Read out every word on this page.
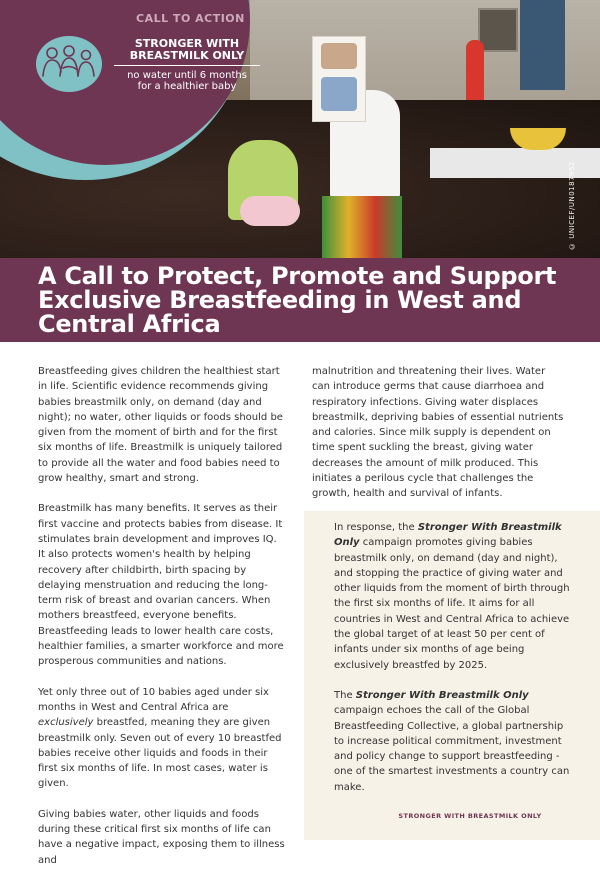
© UNICEF/UN0187952
CALL TO ACTION
STRONGER WITH
BREASTMILK ONLY
no water until 6 months
for a healthier baby
A Call to Protect, Promote and Support
Exclusive Breastfeeding in West and
Central Africa

Breastfeeding gives children the healthiest start in life. Scientific evidence recommends giving babies breastmilk only, on demand (day and night); no water, other liquids or foods should be given from the moment of birth and for the first six months of life. Breastmilk is uniquely tailored to provide all the water and food babies need to grow healthy, smart and strong.

Breastmilk has many benefits. It serves as their first vaccine and protects babies from disease. It stimulates brain development and improves IQ. It also protects women's health by helping recovery after childbirth, birth spacing by delaying menstruation and reducing the long-term risk of breast and ovarian cancers. When mothers breastfeed, everyone benefits. Breastfeeding leads to lower health care costs, healthier families, a smarter workforce and more prosperous communities and nations.

Yet only three out of 10 babies aged under six months in West and Central Africa are exclusively breastfed, meaning they are given breastmilk only. Seven out of every 10 breastfed babies receive other liquids and foods in their first six months of life. In most cases, water is given.

Giving babies water, other liquids and foods during these critical first six months of life can have a negative impact, exposing them to illness and

malnutrition and threatening their lives. Water can introduce germs that cause diarrhoea and respiratory infections. Giving water displaces breastmilk, depriving babies of essential nutrients and calories. Since milk supply is dependent on time spent suckling the breast, giving water decreases the amount of milk produced. This initiates a perilous cycle that challenges the growth, health and survival of infants.

In response, the Stronger With Breastmilk Only campaign promotes giving babies breastmilk only, on demand (day and night), and stopping the practice of giving water and other liquids from the moment of birth through the first six months of life. It aims for all countries in West and Central Africa to achieve the global target of at least 50 per cent of infants under six months of age being exclusively breastfed by 2025.

The Stronger With Breastmilk Only campaign echoes the call of the Global Breastfeeding Collective, a global partnership to increase political commitment, investment and policy change to support breastfeeding - one of the smartest investments a country can make.

STRONGER WITH BREASTMILK ONLY
